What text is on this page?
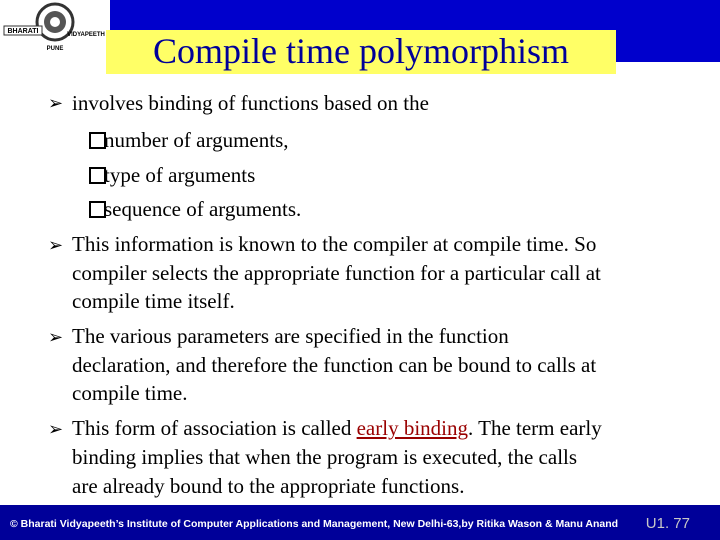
BHARATI	VIDYAPEETH
PUNE	Compile time polymorphism
➢ involves binding of functions based on the
number of arguments,
type of arguments
sequence of arguments.
➢ This information is known to the compiler at compile time. So
compiler selects the appropriate function for a particular call at
compile time itself.
➢ The various parameters are specified in the function
declaration, and therefore the function can be bound to calls at
compile time.
➢ This form of association is called early binding. The term early
binding implies that when the program is executed, the calls
are already bound to the appropriate functions.
© Bharati Vidyapeeth’s Institute of Computer Applications and Management, New Delhi-63,by Ritika Wason & Manu Anand U1. 77
